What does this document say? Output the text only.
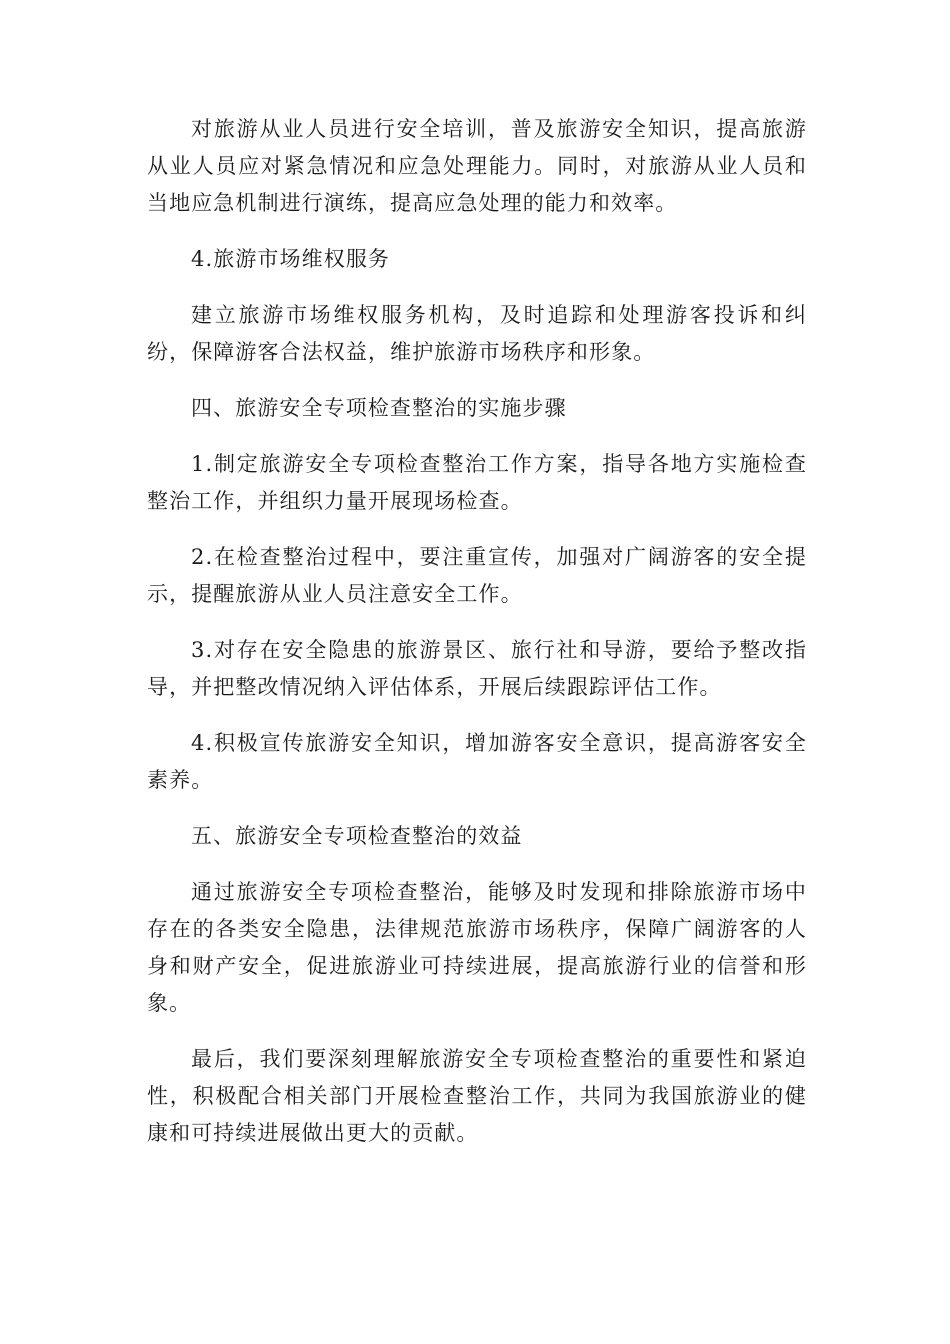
对旅游从业人员进行安全培训，普及旅游安全知识，提高旅游从业人员应对紧急情况和应急处理能力。同时，对旅游从业人员和当地应急机制进行演练，提高应急处理的能力和效率。

4.旅游市场维权服务

建立旅游市场维权服务机构，及时追踪和处理游客投诉和纠纷，保障游客合法权益，维护旅游市场秩序和形象。

四、旅游安全专项检查整治的实施步骤

1.制定旅游安全专项检查整治工作方案，指导各地方实施检查整治工作，并组织力量开展现场检查。

2.在检查整治过程中，要注重宣传，加强对广阔游客的安全提示，提醒旅游从业人员注意安全工作。

3.对存在安全隐患的旅游景区、旅行社和导游，要给予整改指导，并把整改情况纳入评估体系，开展后续跟踪评估工作。

4.积极宣传旅游安全知识，增加游客安全意识，提高游客安全素养。

五、旅游安全专项检查整治的效益

通过旅游安全专项检查整治，能够及时发现和排除旅游市场中存在的各类安全隐患，法律规范旅游市场秩序，保障广阔游客的人身和财产安全，促进旅游业可持续进展，提高旅游行业的信誉和形象。

最后，我们要深刻理解旅游安全专项检查整治的重要性和紧迫性，积极配合相关部门开展检查整治工作，共同为我国旅游业的健康和可持续进展做出更大的贡献。
